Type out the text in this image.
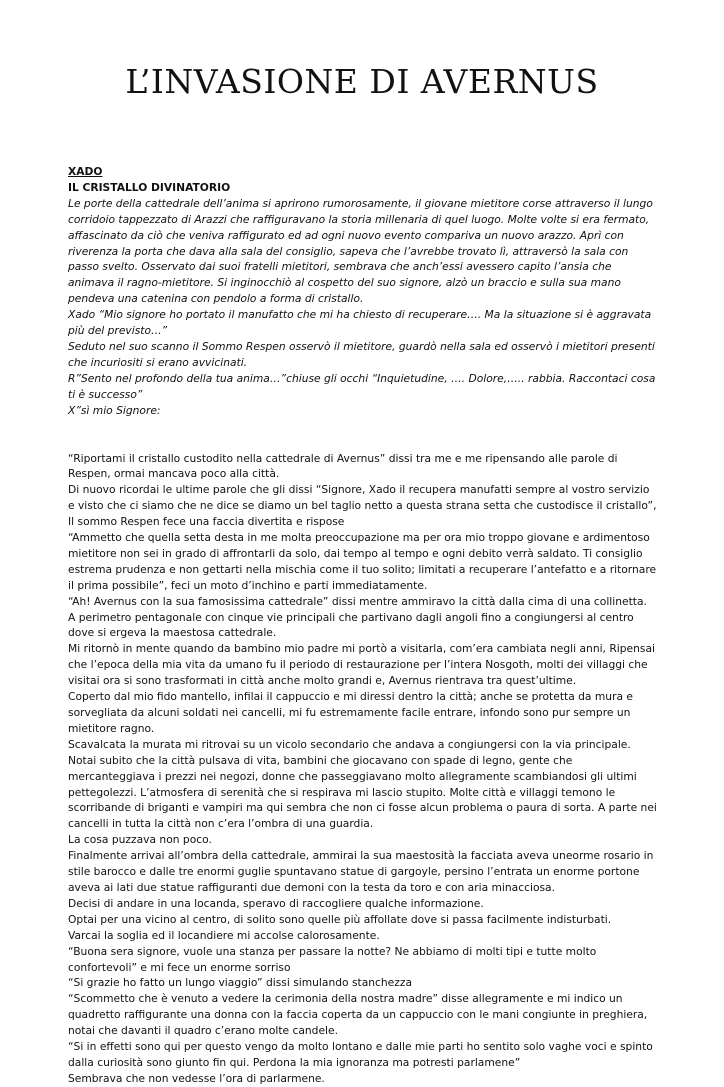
L’INVASIONE DI AVERNUS

XADO

IL CRISTALLO DIVINATORIO

Le porte della cattedrale dell’anima si aprirono rumorosamente, il giovane mietitore corse attraverso il lungo corridoio tappezzato di Arazzi che raffiguravano la storia millenaria di quel luogo. Molte volte si era fermato, affascinato da ciò che veniva raffigurato ed ad ogni nuovo evento compariva un nuovo arazzo. Aprì con riverenza la porta che dava alla sala del consiglio, sapeva che l’avrebbe trovato lì, attraversò la sala con passo svelto. Osservato dai suoi fratelli mietitori, sembrava che anch’essi avessero capito l’ansia che animava il ragno-mietitore. Si inginocchiò al cospetto del suo signore, alzò un braccio e sulla sua mano pendeva una catenina con pendolo a forma di cristallo.

Xado “Mio signore ho portato il manufatto che mi ha chiesto di recuperare…. Ma la situazione si è aggravata più del previsto…”

Seduto nel suo scanno il Sommo Respen osservò il mietitore, guardò nella sala ed osservò i mietitori presenti che incuriositi si erano avvicinati.

R”Sento nel profondo della tua anima…”chiuse gli occhi “Inquietudine, …. Dolore,….. rabbia. Raccontaci cosa ti è successo”

X”sì mio Signore:

“Riportami il cristallo custodito nella cattedrale di Avernus” dissi tra me e me ripensando alle parole di Respen, ormai mancava poco alla città.

Di nuovo ricordai le ultime parole che gli dissi “Signore, Xado il recupera manufatti sempre al vostro servizio e visto che ci siamo che ne dice se diamo un bel taglio netto a questa strana setta che custodisce il cristallo”, Il sommo Respen fece una faccia divertita e rispose

“Ammetto che quella setta desta in me molta preoccupazione ma per ora mio troppo giovane e ardimentoso mietitore non sei in grado di affrontarli da solo, dai tempo al tempo e ogni debito verrà saldato. Ti consiglio estrema prudenza e non gettarti nella mischia come il tuo solito; limitati a recuperare l’antefatto e a ritornare il prima possibile”, feci un moto d’inchino e parti immediatamente.

“Ah! Avernus con la sua famosissima cattedrale” dissi mentre ammiravo la città dalla cima di una collinetta.

A perimetro pentagonale con cinque vie principali che partivano dagli angoli fino a congiungersi al centro dove si ergeva la maestosa cattedrale.

Mi ritornò in mente quando da bambino mio padre mi portò a visitarla, com’era cambiata negli anni, Ripensai che l’epoca della mia vita da umano fu il periodo di restaurazione per l’intera Nosgoth, molti dei villaggi che visitai ora si sono trasformati in città anche molto grandi e, Avernus rientrava tra quest’ultime.

Coperto dal mio fido mantello, infilai il cappuccio e mi diressi dentro la città; anche se protetta da mura e sorvegliata da alcuni soldati nei cancelli, mi fu estremamente facile entrare, infondo sono pur sempre un mietitore ragno.

Scavalcata la murata mi ritrovai su un vicolo secondario che andava a congiungersi con la via principale.

Notai subito che la città pulsava di vita, bambini che giocavano con spade di legno, gente che mercanteggiava i prezzi nei negozi, donne che passeggiavano molto allegramente scambiandosi gli ultimi pettegolezzi. L’atmosfera di serenità che si respirava mi lascio stupito. Molte città e villaggi temono le scorribande di briganti e vampiri ma qui sembra che non ci fosse alcun problema o paura di sorta. A parte nei cancelli in tutta la città non c’era l’ombra di una guardia.

La cosa puzzava non poco.

Finalmente arrivai all’ombra della cattedrale, ammirai la sua maestosità la facciata aveva uneorme rosario in stile barocco e dalle tre enormi guglie spuntavano statue di gargoyle, persino l’entrata un enorme portone aveva ai lati due statue raffiguranti due demoni con la testa da toro e con aria minacciosa.

Decisi di andare in una locanda, speravo di raccogliere qualche informazione.

Optai per una vicino al centro, di solito sono quelle più affollate dove si passa facilmente indisturbati.

Varcai la soglia ed il locandiere mi accolse calorosamente.

“Buona sera signore, vuole una stanza per passare la notte? Ne abbiamo di molti tipi e tutte molto confortevoli” e mi fece un enorme sorriso

“Si grazie ho fatto un lungo viaggio” dissi simulando stanchezza

“Scommetto che è venuto a vedere la cerimonia della nostra madre” disse allegramente e mi indico un quadretto raffigurante una donna con la faccia coperta da un cappuccio con le mani congiunte in preghiera, notai che davanti il quadro c’erano molte candele.

“Si in effetti sono qui per questo vengo da molto lontano e dalle mie parti ho sentito solo vaghe voci e spinto dalla curiosità sono giunto fin qui. Perdona la mia ignoranza ma potresti parlamene”

Sembrava che non vedesse l’ora di parlarmene.
